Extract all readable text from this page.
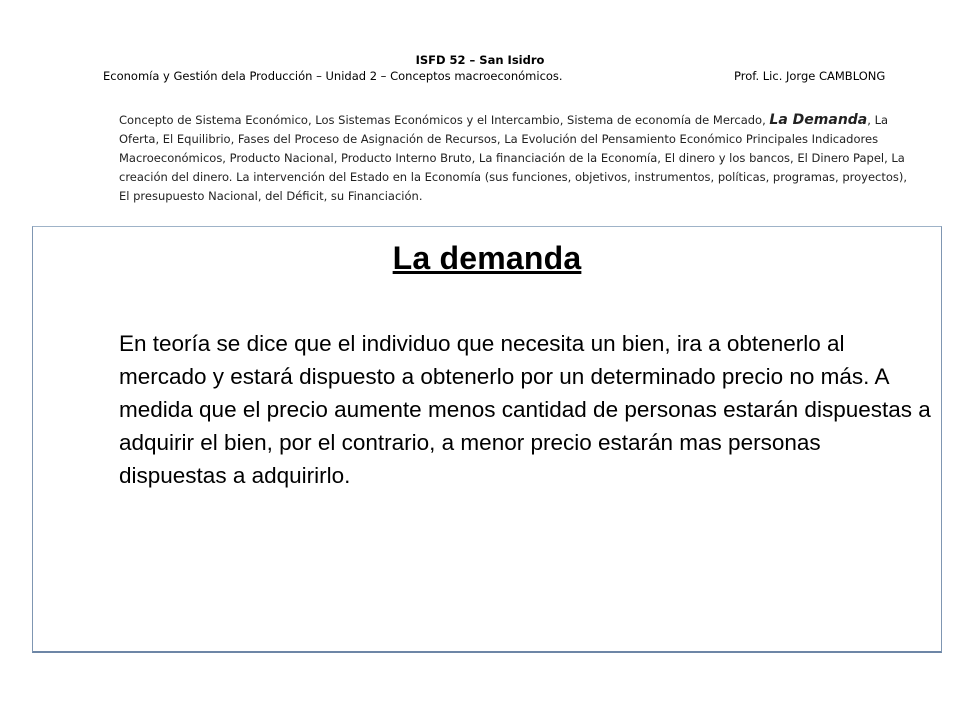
ISFD 52 – San Isidro
Economía y Gestión dela Producción – Unidad 2 – Conceptos macroeconómicos.	Prof. Lic. Jorge CAMBLONG
Concepto de Sistema Económico, Los Sistemas Económicos y el Intercambio, Sistema de economía de Mercado, La Demanda, La Oferta, El Equilibrio, Fases del Proceso de Asignación de Recursos, La Evolución del Pensamiento Económico Principales Indicadores Macroeconómicos, Producto Nacional, Producto Interno Bruto, La financiación de la Economía, El dinero y los bancos, El Dinero Papel, La creación del dinero. La intervención del Estado en la Economía (sus funciones, objetivos, instrumentos, políticas, programas, proyectos), El presupuesto Nacional, del Déficit, su Financiación.
La demanda
En teoría se dice que el individuo que necesita un bien, ira a obtenerlo al mercado y estará dispuesto a obtenerlo por un determinado precio no más. A medida que el precio aumente menos cantidad de personas estarán dispuestas a adquirir el bien, por el contrario, a menor precio estarán mas personas dispuestas a adquirirlo.
